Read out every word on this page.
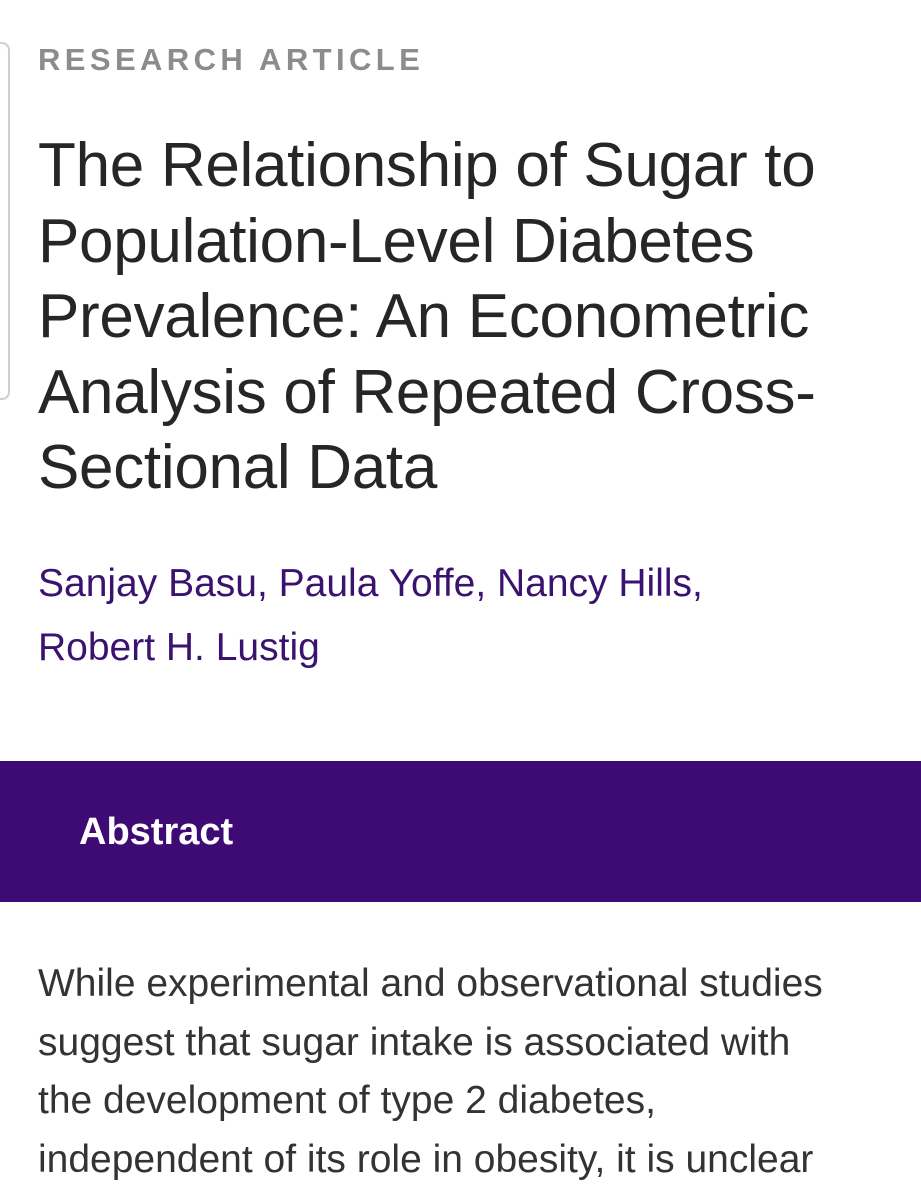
RESEARCH ARTICLE
The Relationship of Sugar to
Population-Level Diabetes
Prevalence: An Econometric
Analysis of Repeated Cross-
Sectional Data
Sanjay Basu, Paula Yoffe, Nancy Hills,
Robert H. Lustig
Abstract

While experimental and observational studies
suggest that sugar intake is associated with
the development of type 2 diabetes,
independent of its role in obesity, it is unclear
